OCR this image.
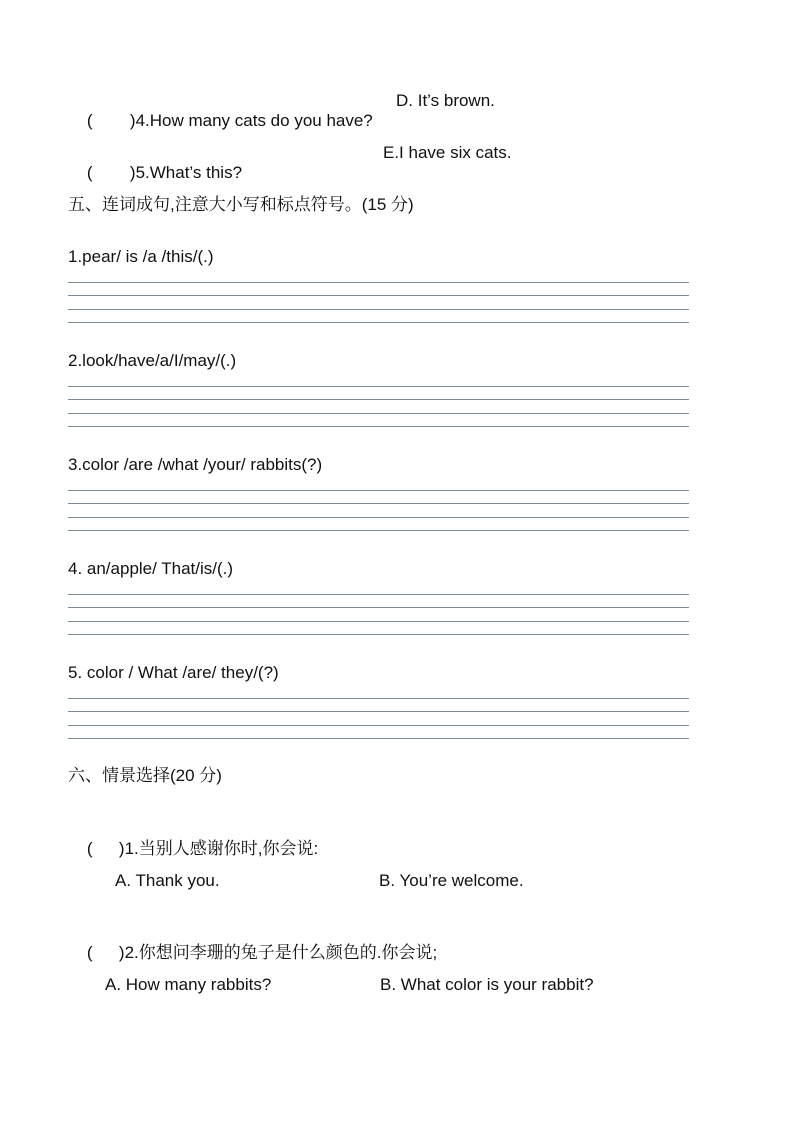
( )4.How many cats do you have?

D. It’s brown.

( )5.What’s this?

E.I have six cats.
五、连词成句,注意大小写和标点符号。(15 分)
1.pear/ is /a /this/(.)
2.look/have/a/I/may/(.)
3.color /are /what /your/ rabbits(?)
4. an/apple/ That/is/(.)
5. color / What /are/ they/(?)
六、情景选择(20 分)

( )1.当别人感谢你时,你会说:

A. Thank you.	B. You’re welcome.

( )2.你想问李珊的兔子是什么颜色的.你会说;

A. How many rabbits?	B. What color is your rabbit?
